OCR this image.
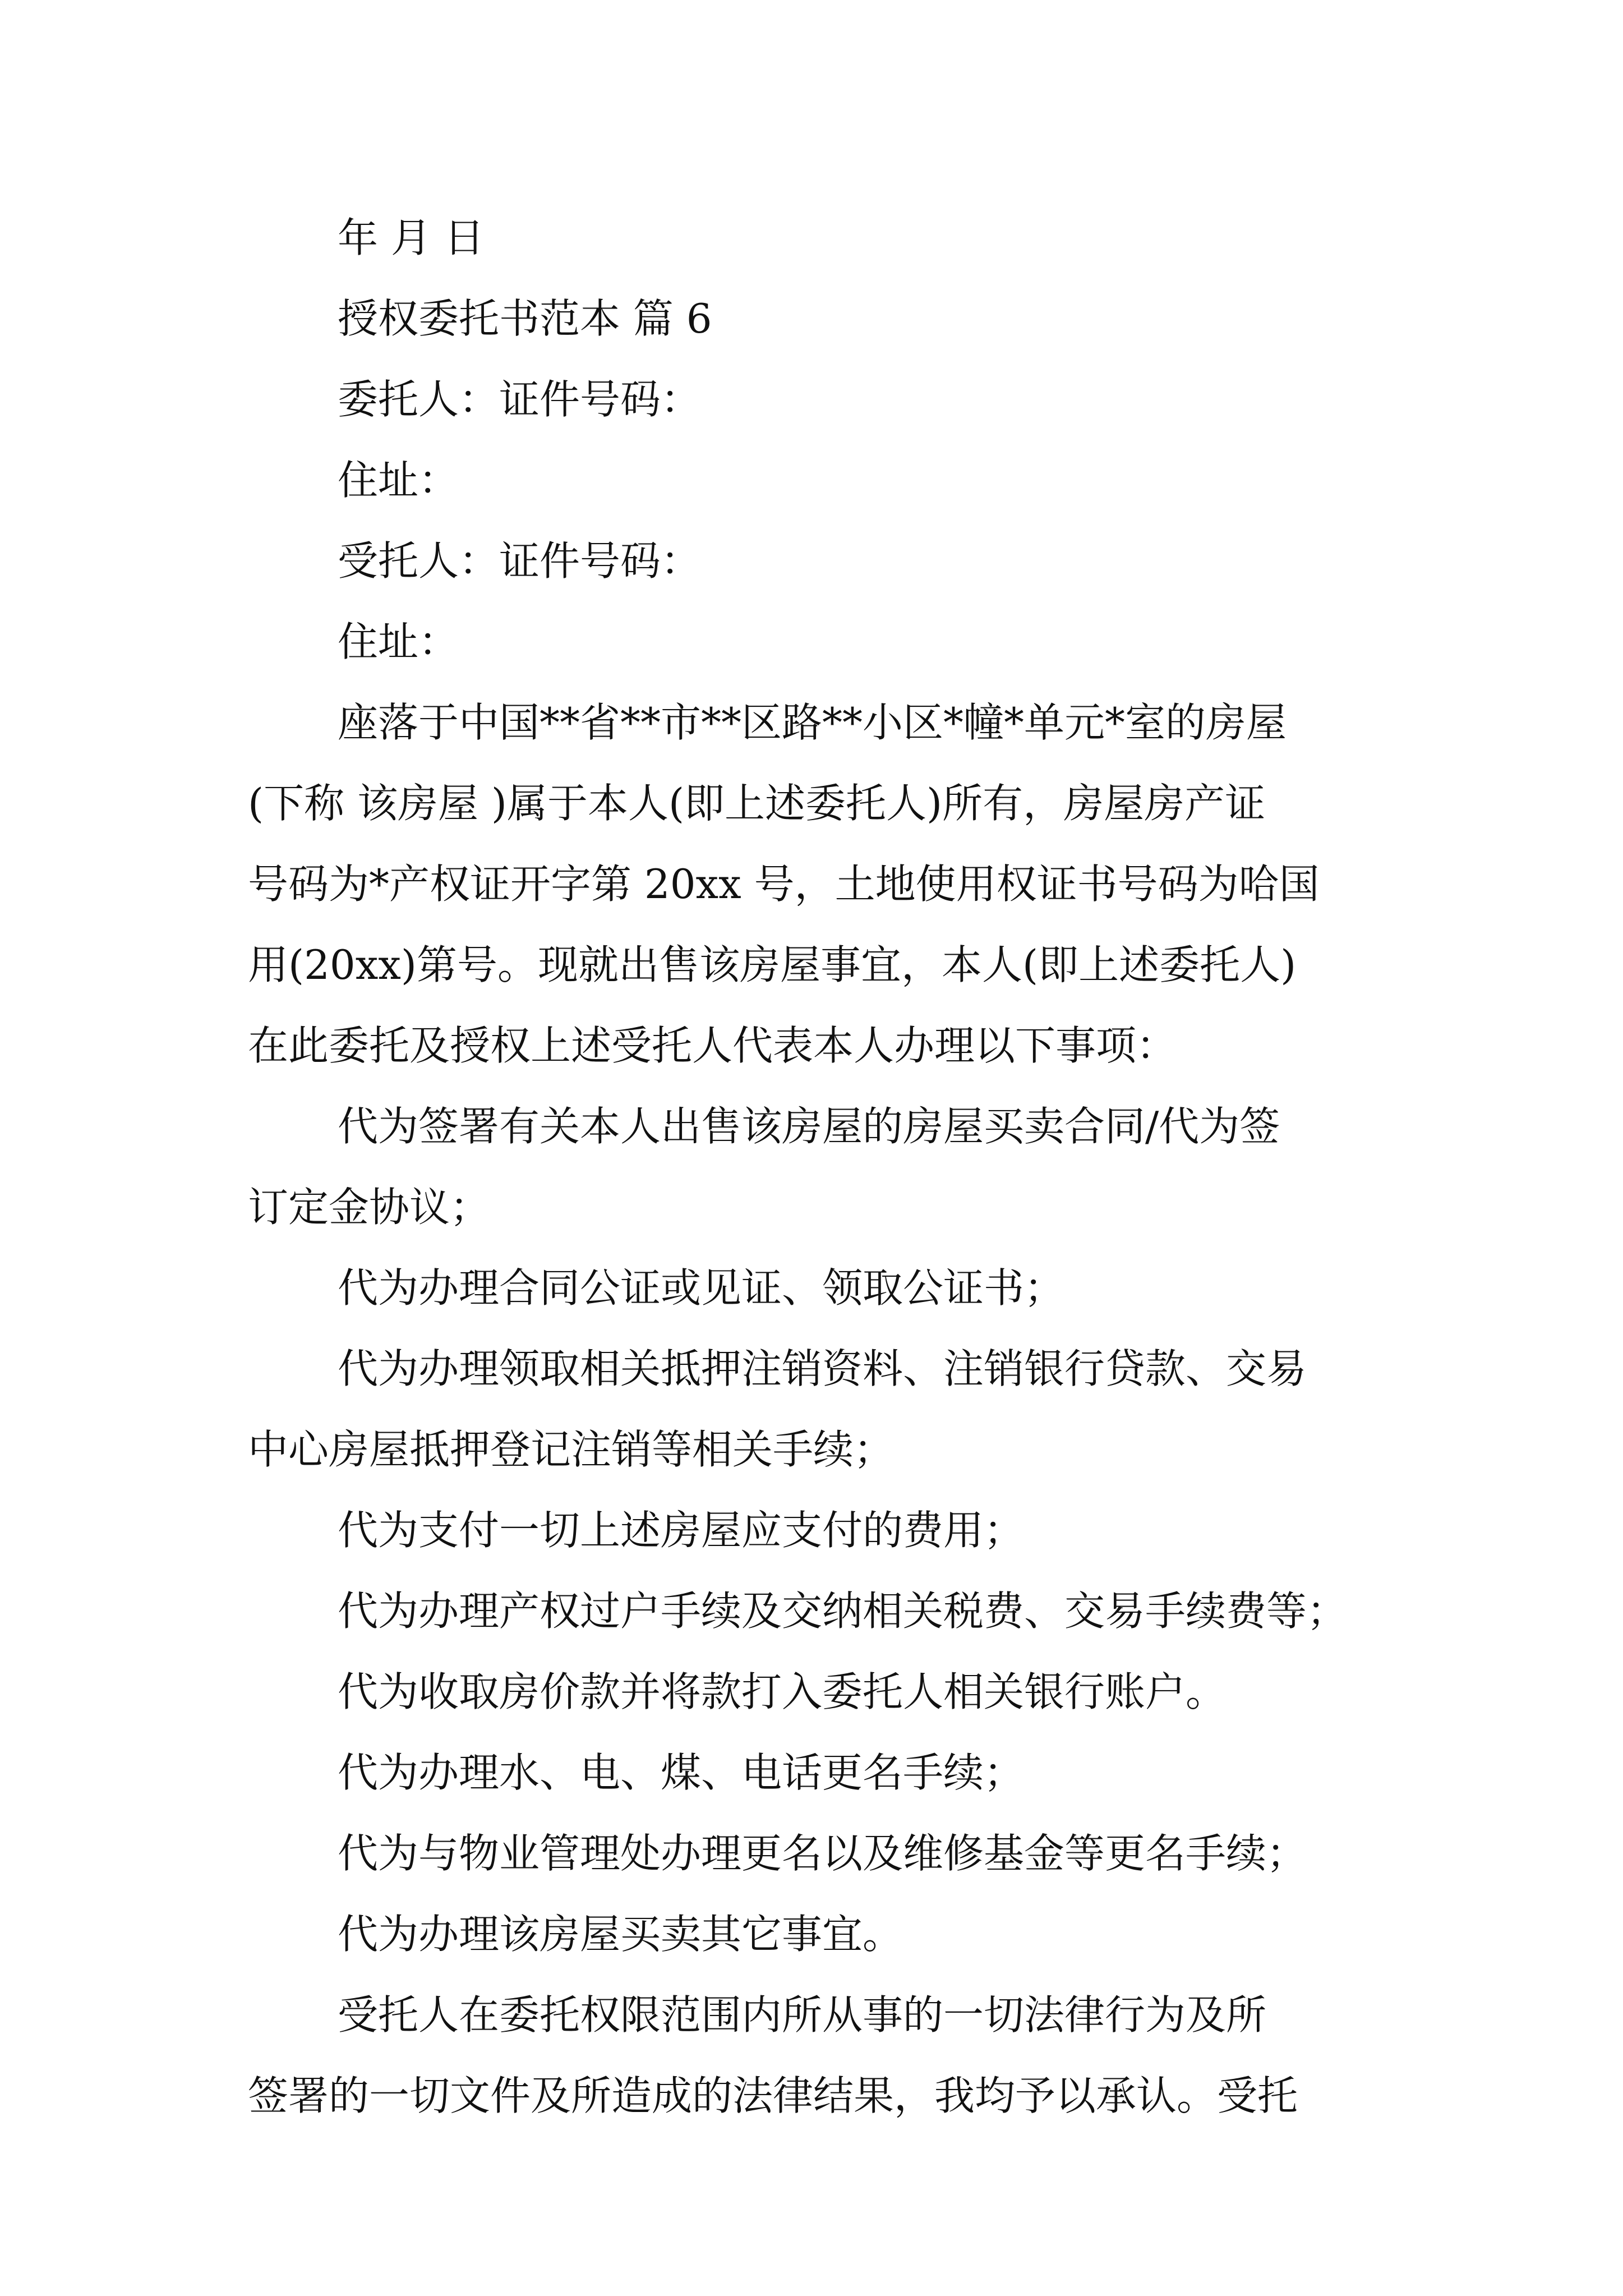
年 月 日
授权委托书范本 篇 6
委托人：证件号码：
住址：
受托人：证件号码：
住址：
座落于中国**省**市**区路**小区*幢*单元*室的房屋
(下称 该房屋 )属于本人(即上述委托人)所有，房屋房产证
号码为*产权证开字第 20xx 号，土地使用权证书号码为哈国
用(20xx)第号。现就出售该房屋事宜，本人(即上述委托人)
在此委托及授权上述受托人代表本人办理以下事项：
代为签署有关本人出售该房屋的房屋买卖合同/代为签
订定金协议；
代为办理合同公证或见证、领取公证书；
代为办理领取相关抵押注销资料、注销银行贷款、交易
中心房屋抵押登记注销等相关手续；
代为支付一切上述房屋应支付的费用；
代为办理产权过户手续及交纳相关税费、交易手续费等；
代为收取房价款并将款打入委托人相关银行账户。
代为办理水、电、煤、电话更名手续；
代为与物业管理处办理更名以及维修基金等更名手续；
代为办理该房屋买卖其它事宜。
受托人在委托权限范围内所从事的一切法律行为及所
签署的一切文件及所造成的法律结果，我均予以承认。受托
